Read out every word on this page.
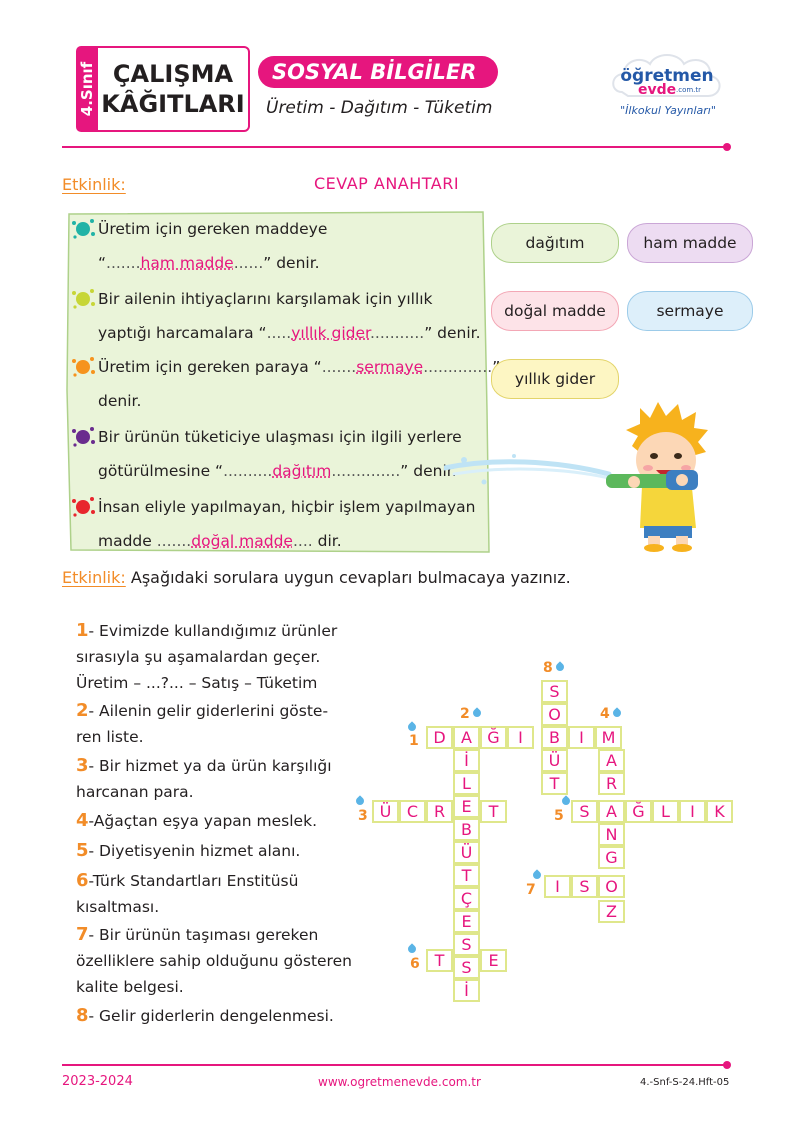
4.Sınıf ÇALIŞMA
KÂĞITLARI
SOSYAL BİLGİLER
Üretim - Dağıtım - Tüketim
öğretmen
evde .com.tr
"İlkokul Yayınları"
Etkinlik:	CEVAP ANAHTARI
Üretim için gereken maddeye
“.......ham madde......” denir.
Bir ailenin ihtiyaçlarını karşılamak için yıllık
yaptığı harcamalara “.....yıllık gider...........” denir.
Üretim için gereken paraya “.......sermaye..............
denir.
Bir ürünün tüketiciye ulaşması için ilgili yerlere
götürülmesine “..........dağıtım..............” denir.
İnsan eliyle yapılmayan, hiçbir işlem yapılmayan
madde .......doğal madde.... dir.
dağıtım	ham madde
doğal madde	sermaye
yıllık gider
Etkinlik: Aşağıdaki sorulara uygun cevapları bulmacaya yazınız.
1- Evimizde kullandığımız ürünler
sırasıyla şu aşamalardan geçer.
Üretim – ...?... – Satış – Tüketim
2- Ailenin gelir giderlerini göste-
ren liste.
3- Bir hizmet ya da ürün karşılığı
harcanan para.
4-Ağaçtan eşya yapan meslek.
5- Diyetisyenin hizmet alanı.
6-Türk Standartları Enstitüsü
kısaltması.
7- Bir ürünün taşıması gereken
özelliklere sahip olduğunu gösteren
kalite belgesi.
8- Gelir giderlerin dengelenmesi.
S
O
B
Ü
T
D A Ğ	I	I	M
İ
L
B
Ü
T
Ç
E
S
İ
Ü C R	E	T
A
R
N
G
Z
S	A Ğ	L	I	K
I	S O
T
S
E
8
2	4
1
3	5
7
6
2023-2024	www.ogretmenevde.com.tr	4.-Snf-S-24.Hft-05
